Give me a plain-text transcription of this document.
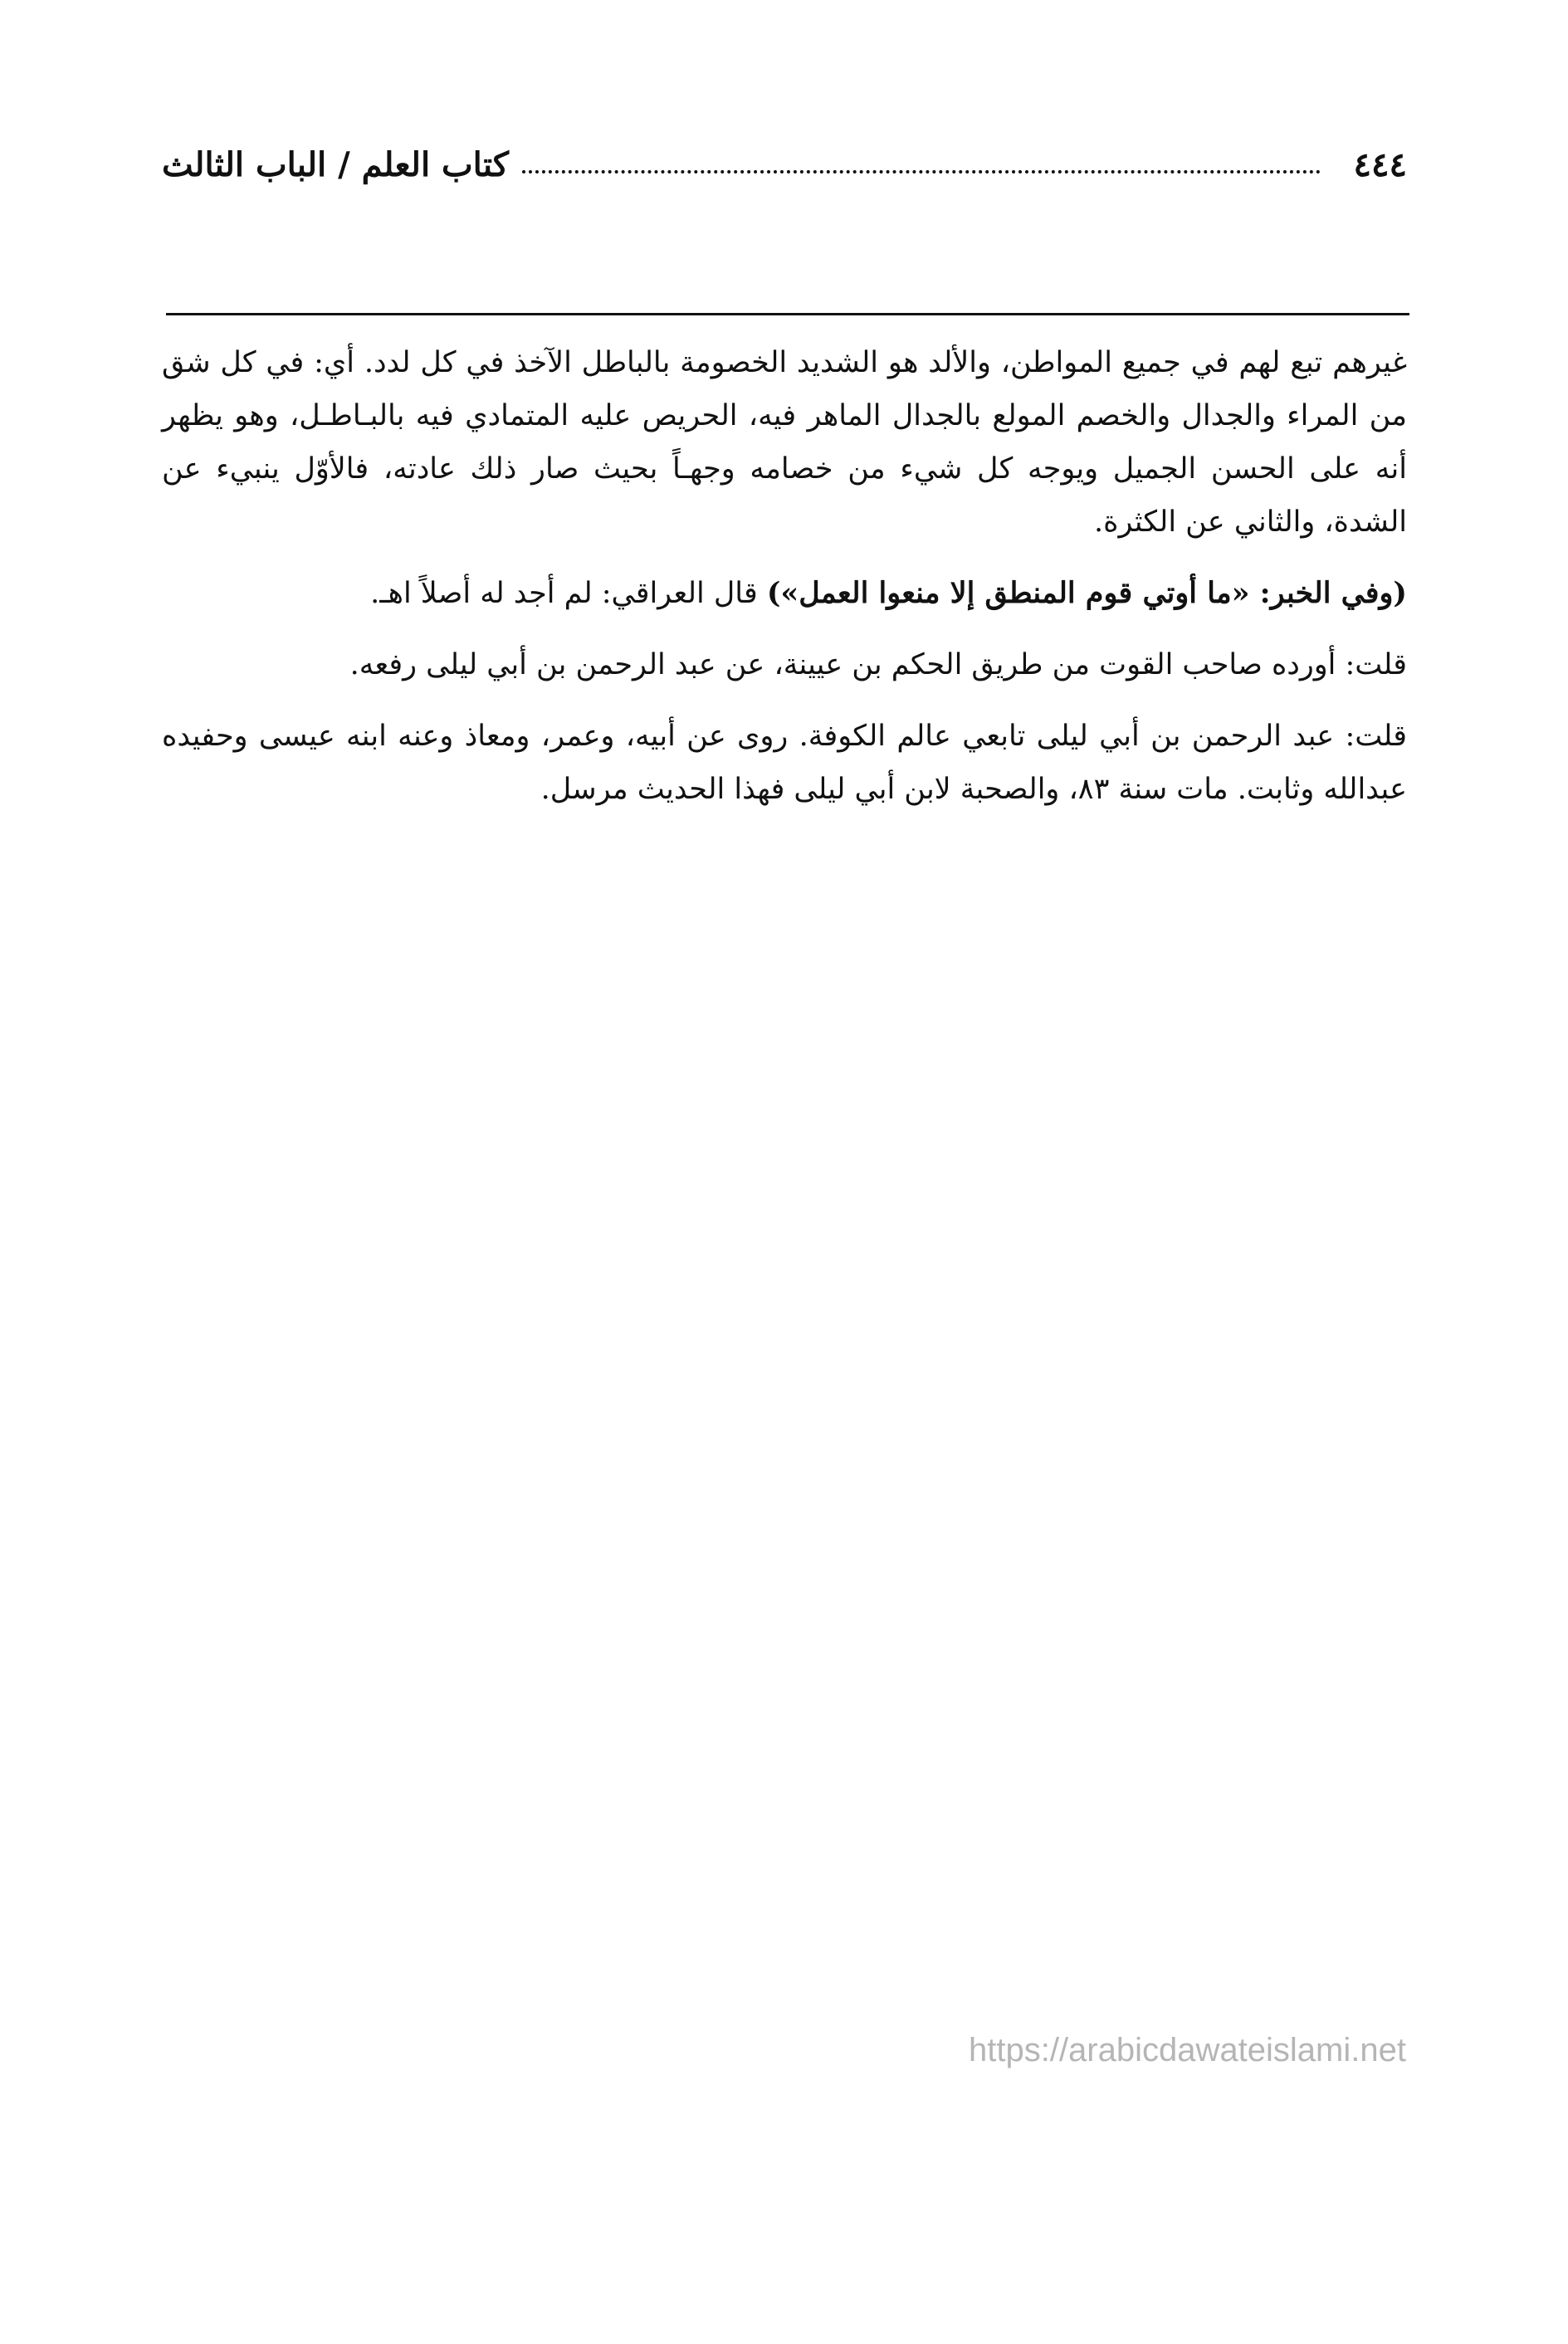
٤٤٤
كتاب العلم / الباب الثالث

غيرهم تبع لهم في جميع المواطن، والألد هو الشديد الخصومة بالباطل الآخذ في كل لدد. أي: في كل شق من المراء والجدال والخصم المولع بالجدال الماهر فيه، الحريص عليه المتمادي فيه بالبـاطـل، وهو يظهر أنه على الحسن الجميل ويوجه كل شيء من خصامه وجهـاً بحيث صار ذلك عادته، فالأوّل ينبيء عن الشدة، والثاني عن الكثرة.

(وفي الخبر: «ما أوتي قوم المنطق إلا منعوا العمل») قال العراقي: لم أجد له أصلاً اهـ.

قلت: أورده صاحب القوت من طريق الحكم بن عيينة، عن عبد الرحمن بن أبي ليلى رفعه.

قلت: عبد الرحمن بن أبي ليلى تابعي عالم الكوفة. روى عن أبيه، وعمر، ومعاذ وعنه ابنه عيسى وحفيده عبدالله وثابت. مات سنة ٨٣، والصحبة لابن أبي ليلى فهذا الحديث مرسل.

https://arabicdawateislami.net
